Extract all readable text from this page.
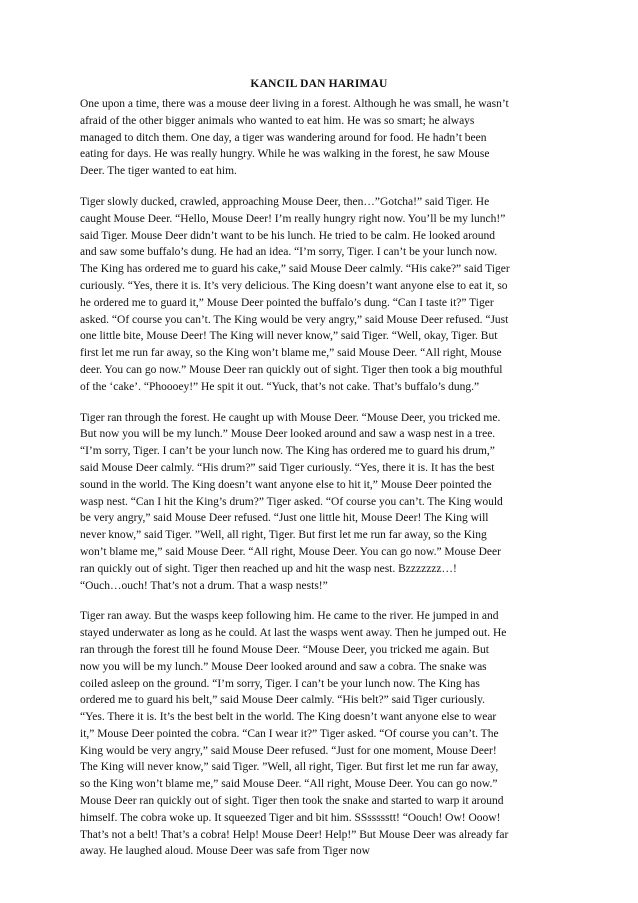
KANCIL DAN HARIMAU
One upon a time, there was a mouse deer living in a forest. Although he was small, he wasn’t
afraid of the other bigger animals who wanted to eat him. He was so smart; he always
managed to ditch them. One day, a tiger was wandering around for food. He hadn’t been
eating for days. He was really hungry. While he was walking in the forest, he saw Mouse
Deer. The tiger wanted to eat him.
Tiger slowly ducked, crawled, approaching Mouse Deer, then…”Gotcha!” said Tiger. He
caught Mouse Deer. “Hello, Mouse Deer! I’m really hungry right now. You’ll be my lunch!”
said Tiger. Mouse Deer didn’t want to be his lunch. He tried to be calm. He looked around
and saw some buffalo’s dung. He had an idea. “I’m sorry, Tiger. I can’t be your lunch now.
The King has ordered me to guard his cake,” said Mouse Deer calmly. “His cake?” said Tiger
curiously. “Yes, there it is. It’s very delicious. The King doesn’t want anyone else to eat it, so
he ordered me to guard it,” Mouse Deer pointed the buffalo’s dung. “Can I taste it?” Tiger
asked. “Of course you can’t. The King would be very angry,” said Mouse Deer refused. “Just
one little bite, Mouse Deer! The King will never know,” said Tiger. “Well, okay, Tiger. But
first let me run far away, so the King won’t blame me,” said Mouse Deer. “All right, Mouse
deer. You can go now.” Mouse Deer ran quickly out of sight. Tiger then took a big mouthful
of the ‘cake’. “Phoooey!” He spit it out. “Yuck, that’s not cake. That’s buffalo’s dung.”
Tiger ran through the forest. He caught up with Mouse Deer. “Mouse Deer, you tricked me.
But now you will be my lunch.” Mouse Deer looked around and saw a wasp nest in a tree.
“I’m sorry, Tiger. I can’t be your lunch now. The King has ordered me to guard his drum,”
said Mouse Deer calmly. “His drum?” said Tiger curiously. “Yes, there it is. It has the best
sound in the world. The King doesn’t want anyone else to hit it,” Mouse Deer pointed the
wasp nest. “Can I hit the King’s drum?” Tiger asked. “Of course you can’t. The King would
be very angry,” said Mouse Deer refused. “Just one little hit, Mouse Deer! The King will
never know,” said Tiger. ”Well, all right, Tiger. But first let me run far away, so the King
won’t blame me,” said Mouse Deer. “All right, Mouse Deer. You can go now.” Mouse Deer
ran quickly out of sight. Tiger then reached up and hit the wasp nest. Bzzzzzzz…!
“Ouch…ouch! That’s not a drum. That a wasp nests!”
Tiger ran away. But the wasps keep following him. He came to the river. He jumped in and
stayed underwater as long as he could. At last the wasps went away. Then he jumped out. He
ran through the forest till he found Mouse Deer. “Mouse Deer, you tricked me again. But
now you will be my lunch.” Mouse Deer looked around and saw a cobra. The snake was
coiled asleep on the ground. “I’m sorry, Tiger. I can’t be your lunch now. The King has
ordered me to guard his belt,” said Mouse Deer calmly. “His belt?” said Tiger curiously.
“Yes. There it is. It’s the best belt in the world. The King doesn’t want anyone else to wear
it,” Mouse Deer pointed the cobra. “Can I wear it?” Tiger asked. “Of course you can’t. The
King would be very angry,” said Mouse Deer refused. “Just for one moment, Mouse Deer!
The King will never know,” said Tiger. ”Well, all right, Tiger. But first let me run far away,
so the King won’t blame me,” said Mouse Deer. “All right, Mouse Deer. You can go now.”
Mouse Deer ran quickly out of sight. Tiger then took the snake and started to warp it around
himself. The cobra woke up. It squeezed Tiger and bit him. SSssssstt! “Oouch! Ow! Ooow!
That’s not a belt! That’s a cobra! Help! Mouse Deer! Help!” But Mouse Deer was already far
away. He laughed aloud. Mouse Deer was safe from Tiger now
